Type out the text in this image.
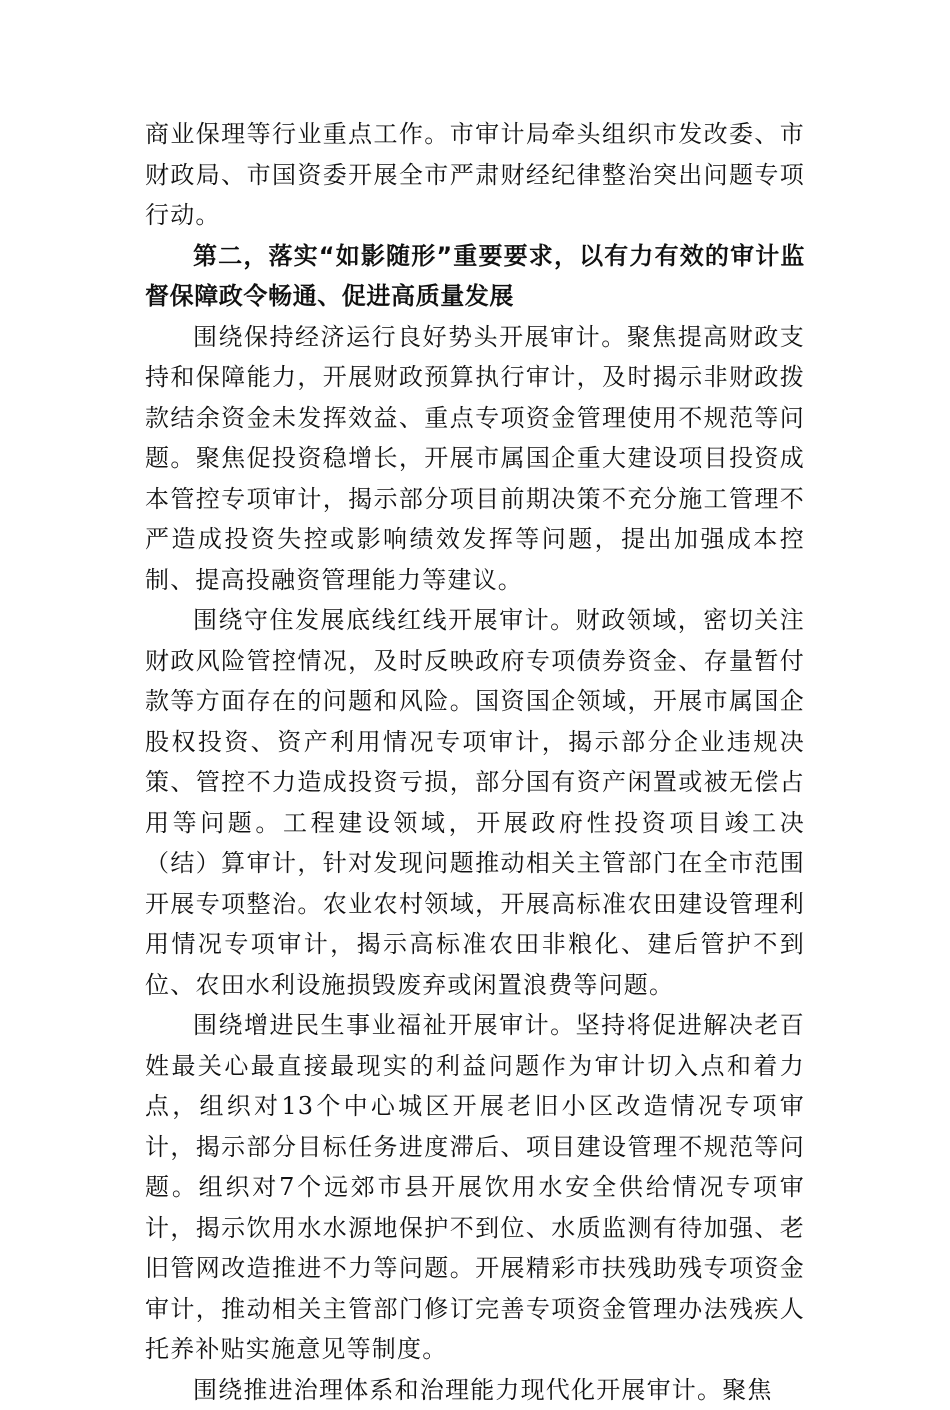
商业保理等行业重点工作。市审计局牵头组织市发改委、市财政局、市国资委开展全市严肃财经纪律整治突出问题专项行动。

第二，落实“如影随形”重要要求，以有力有效的审计监督保障政令畅通、促进高质量发展

围绕保持经济运行良好势头开展审计。聚焦提高财政支持和保障能力，开展财政预算执行审计，及时揭示非财政拨款结余资金未发挥效益、重点专项资金管理使用不规范等问题。聚焦促投资稳增长，开展市属国企重大建设项目投资成本管控专项审计，揭示部分项目前期决策不充分施工管理不严造成投资失控或影响绩效发挥等问题，提出加强成本控制、提高投融资管理能力等建议。

围绕守住发展底线红线开展审计。财政领域，密切关注财政风险管控情况，及时反映政府专项债券资金、存量暂付款等方面存在的问题和风险。国资国企领域，开展市属国企股权投资、资产利用情况专项审计，揭示部分企业违规决策、管控不力造成投资亏损，部分国有资产闲置或被无偿占用等问题。工程建设领域，开展政府性投资项目竣工决（结）算审计，针对发现问题推动相关主管部门在全市范围开展专项整治。农业农村领域，开展高标准农田建设管理利用情况专项审计，揭示高标准农田非粮化、建后管护不到位、农田水利设施损毁废弃或闲置浪费等问题。

围绕增进民生事业福祉开展审计。坚持将促进解决老百姓最关心最直接最现实的利益问题作为审计切入点和着力点，组织对13个中心城区开展老旧小区改造情况专项审计，揭示部分目标任务进度滞后、项目建设管理不规范等问题。组织对7个远郊市县开展饮用水安全供给情况专项审计，揭示饮用水水源地保护不到位、水质监测有待加强、老旧管网改造推进不力等问题。开展精彩市扶残助残专项资金审计，推动相关主管部门修订完善专项资金管理办法残疾人托养补贴实施意见等制度。

围绕推进治理体系和治理能力现代化开展审计。聚焦
